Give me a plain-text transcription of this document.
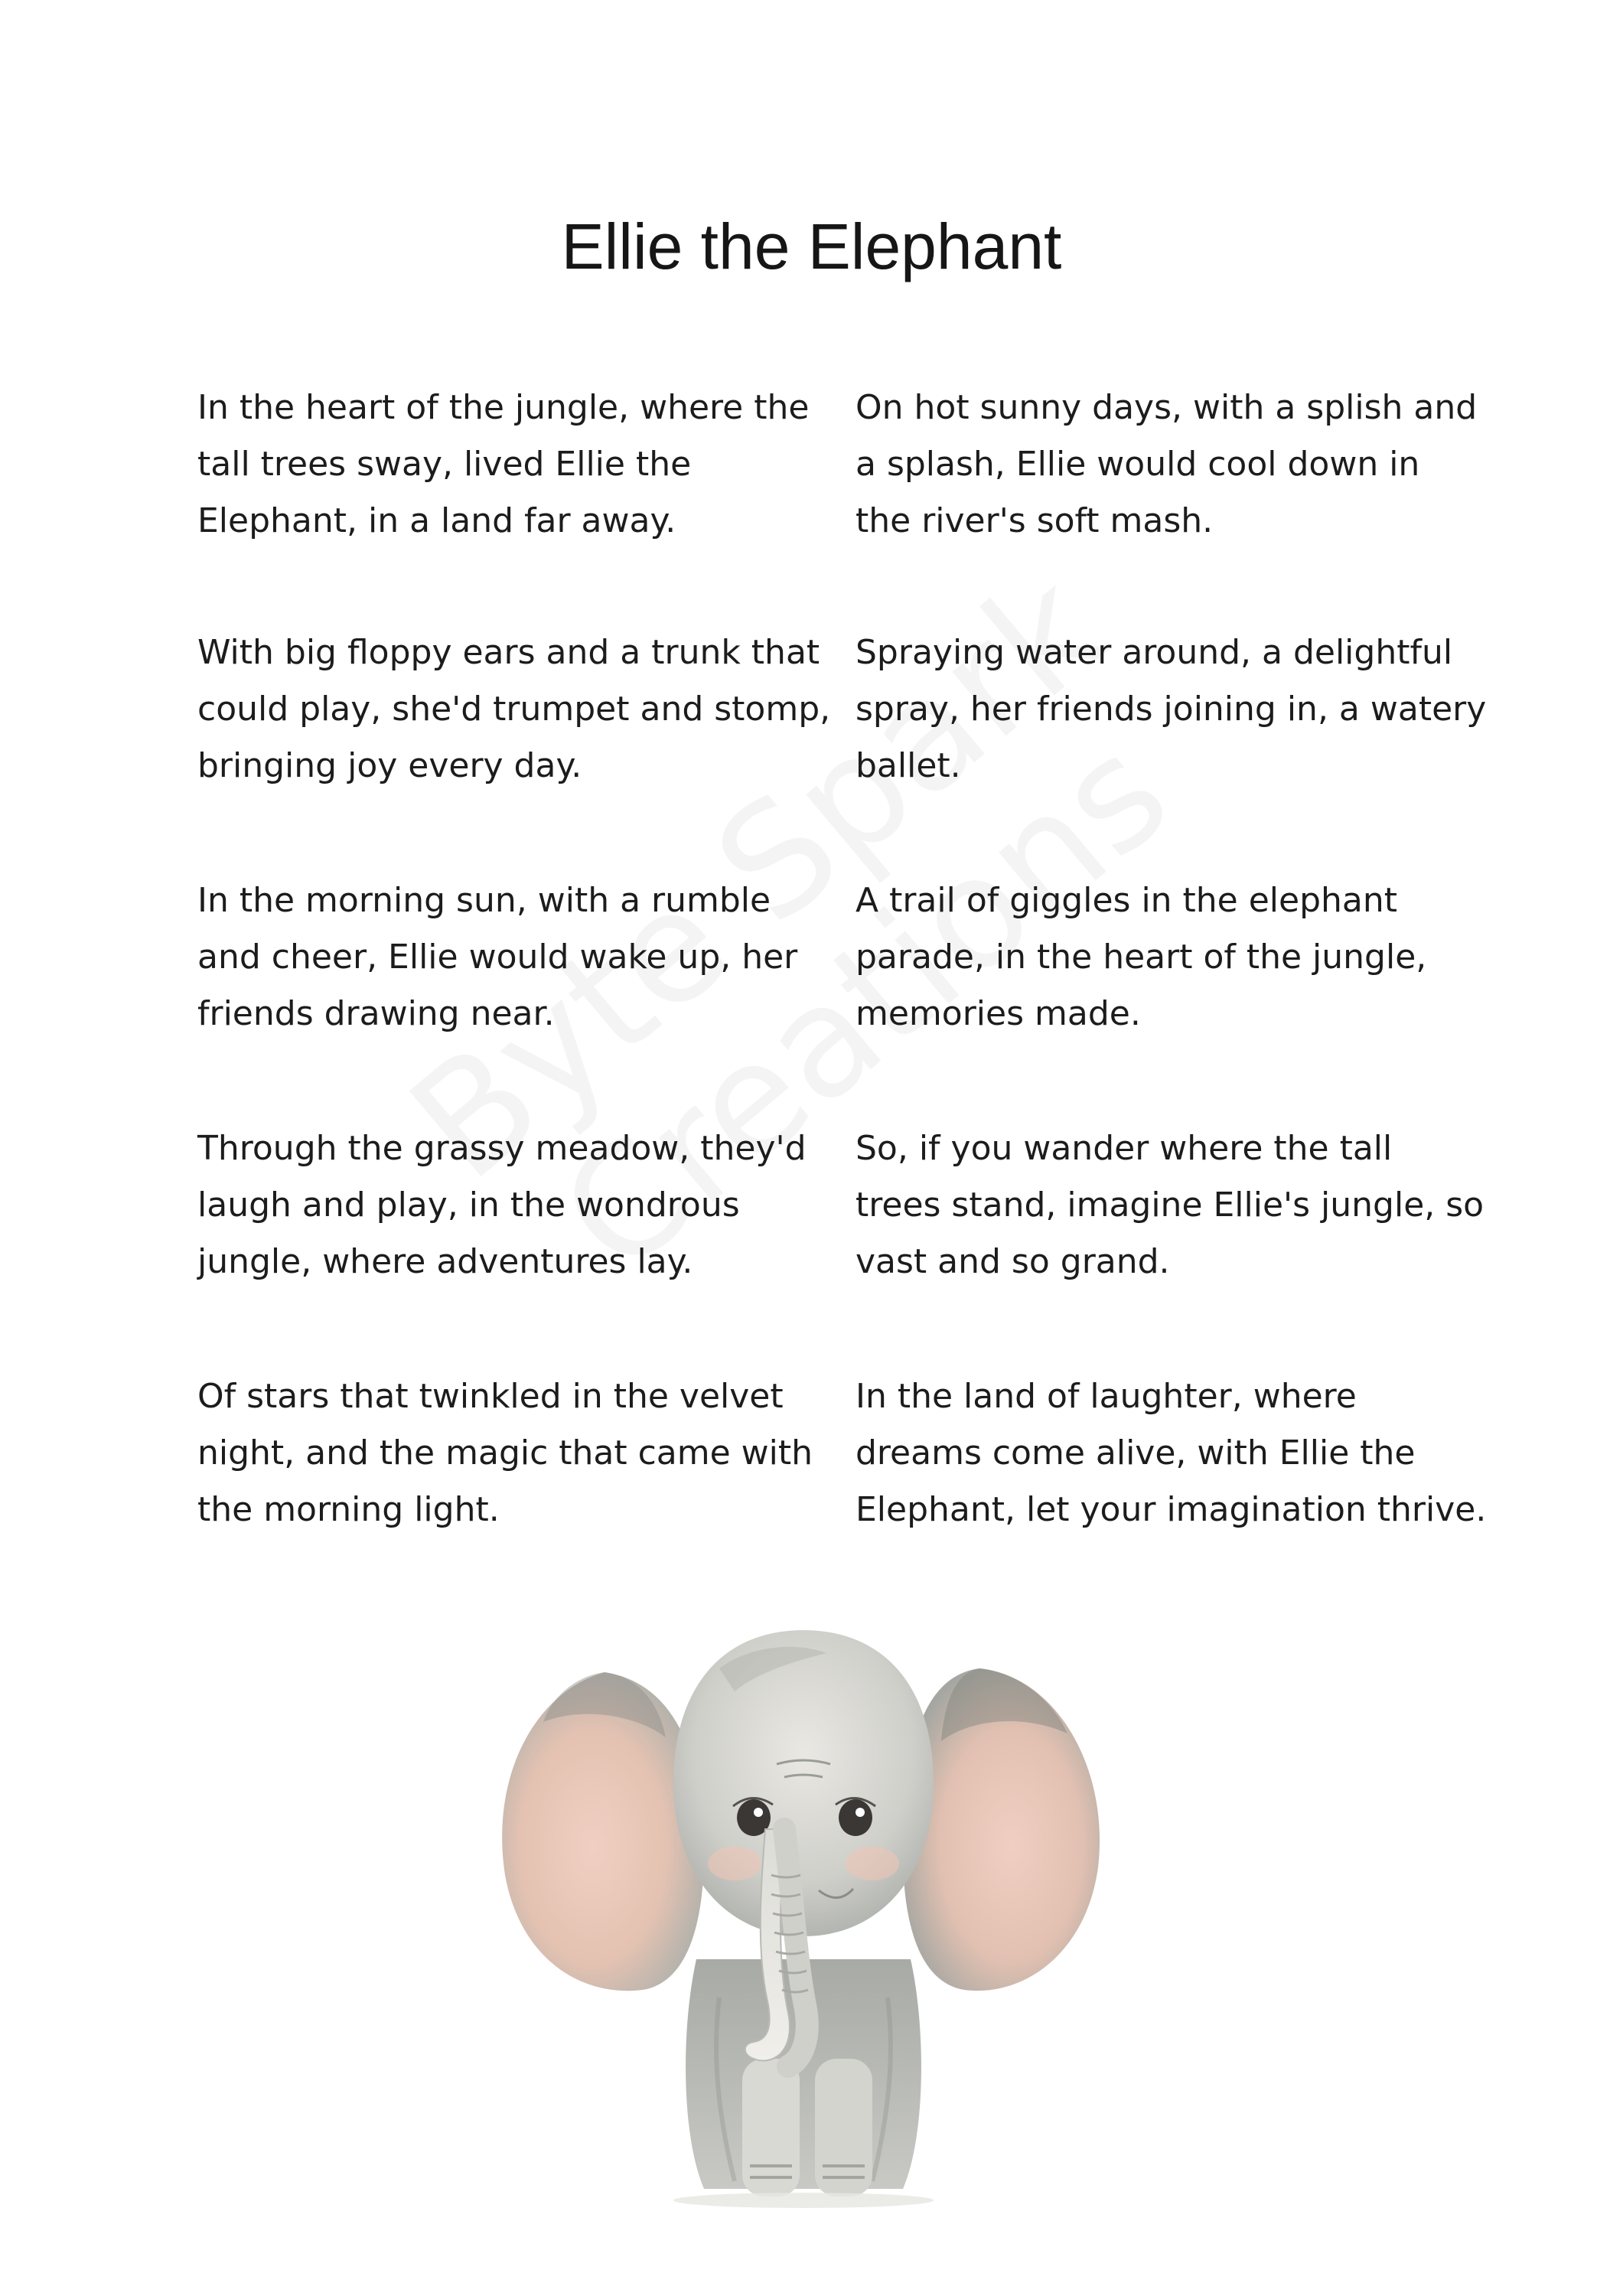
Ellie the Elephant
In the heart of the jungle, where the
tall trees sway, lived Ellie the
Elephant, in a land far away.
With big floppy ears and a trunk that
could play, she'd trumpet and stomp,
bringing joy every day.
In the morning sun, with a rumble
and cheer, Ellie would wake up, her
friends drawing near.
Through the grassy meadow, they'd
laugh and play, in the wondrous
jungle, where adventures lay.
Of stars that twinkled in the velvet
night, and the magic that came with
the morning light.
On hot sunny days, with a splish and
a splash, Ellie would cool down in
the river's soft mash.
Spraying water around, a delightful
spray, her friends joining in, a watery
ballet.
A trail of giggles in the elephant
parade, in the heart of the jungle,
memories made.
So, if you wander where the tall
trees stand, imagine Ellie's jungle, so
vast and so grand.
In the land of laughter, where
dreams come alive, with Ellie the
Elephant, let your imagination thrive.
